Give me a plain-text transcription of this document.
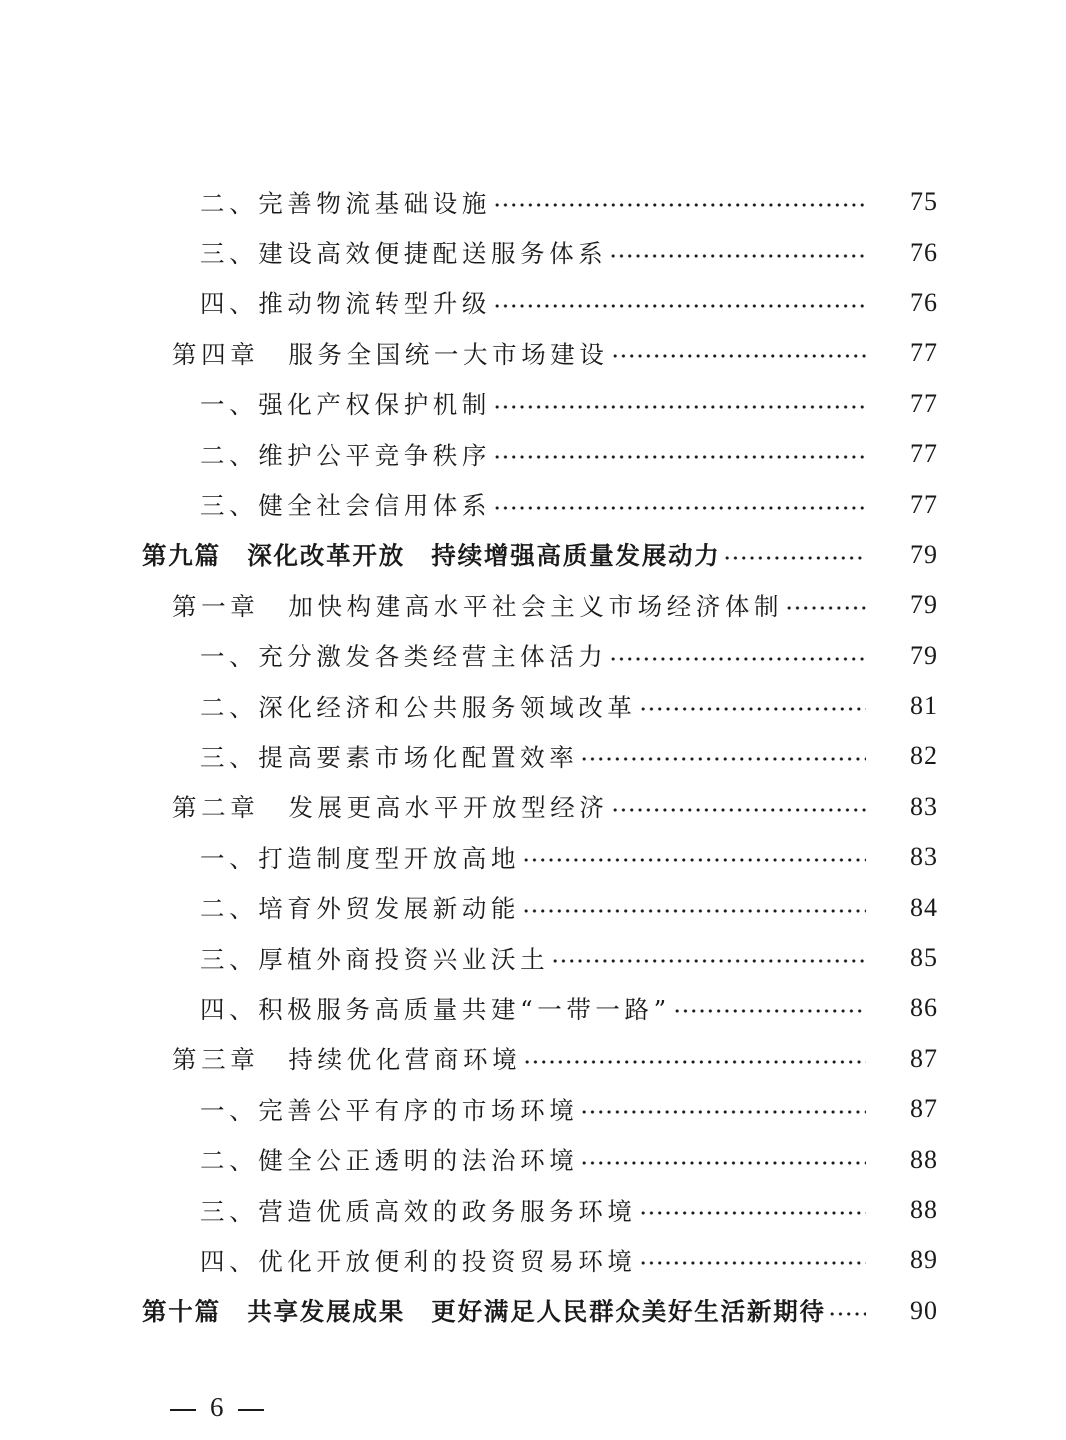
二、完善物流基础设施	75
三、建设高效便捷配送服务体系	76
四、推动物流转型升级	76
第四章　服务全国统一大市场建设	77
一、强化产权保护机制	77
二、维护公平竞争秩序	77
三、健全社会信用体系	77
第九篇　深化改革开放　持续增强高质量发展动力	79
第一章　加快构建高水平社会主义市场经济体制	79
一、充分激发各类经营主体活力	79
二、深化经济和公共服务领域改革	81
三、提高要素市场化配置效率	82
第二章　发展更高水平开放型经济	83
一、打造制度型开放高地	83
二、培育外贸发展新动能	84
三、厚植外商投资兴业沃土	85
四、积极服务高质量共建“一带一路”	86
第三章　持续优化营商环境	87
一、完善公平有序的市场环境	87
二、健全公正透明的法治环境	88
三、营造优质高效的政务服务环境	88
四、优化开放便利的投资贸易环境	89
第十篇　共享发展成果　更好满足人民群众美好生活新期待	90
6
